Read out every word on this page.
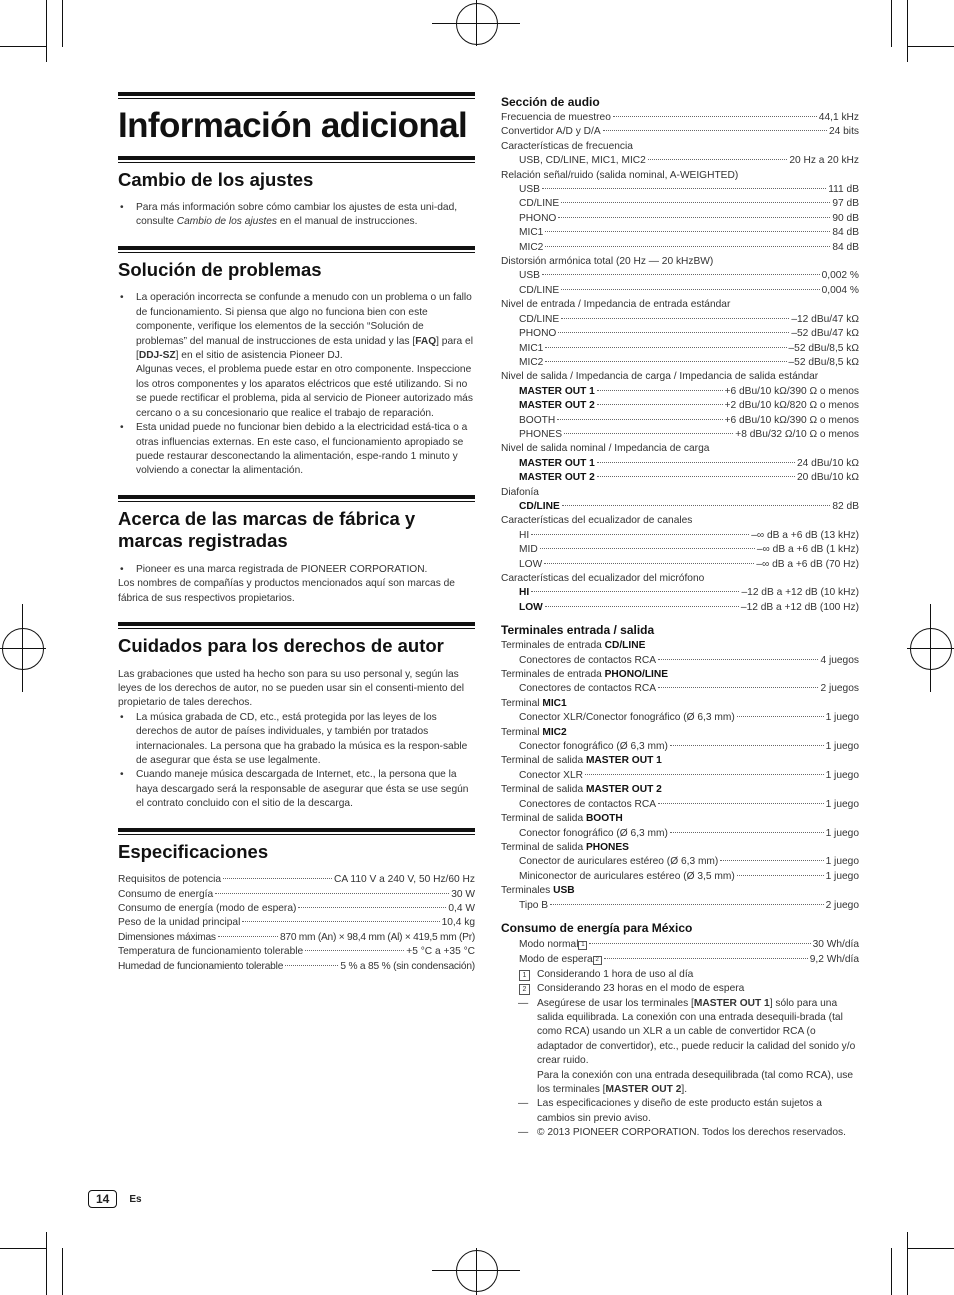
Información adicional
Cambio de los ajustes
• Para más información sobre cómo cambiar los ajustes de esta uni-dad, consulte Cambio de los ajustes en el manual de instrucciones.
Solución de problemas
• La operación incorrecta se confunde a menudo con un problema o un fallo de funcionamiento. Si piensa que algo no funciona bien con este componente, verifique los elementos de la sección “Solución de problemas” del manual de instrucciones de esta unidad y las [FAQ] para el [DDJ-SZ] en el sitio de asistencia Pioneer DJ.
Algunas veces, el problema puede estar en otro componente. Inspeccione los otros componentes y los aparatos eléctricos que esté utilizando. Si no se puede rectificar el problema, pida al servicio de Pioneer autorizado más cercano o a su concesionario que realice el trabajo de reparación.
• Esta unidad puede no funcionar bien debido a la electricidad está-tica o a otras influencias externas. En este caso, el funcionamiento apropiado se puede restaurar desconectando la alimentación, espe-rando 1 minuto y volviendo a conectar la alimentación.
Acerca de las marcas de fábrica y marcas registradas
• Pioneer es una marca registrada de PIONEER CORPORATION.
Los nombres de compañías y productos mencionados aquí son marcas de fábrica de sus respectivos propietarios.
Cuidados para los derechos de autor
Las grabaciones que usted ha hecho son para su uso personal y, según las leyes de los derechos de autor, no se pueden usar sin el consenti-miento del propietario de tales derechos.
• La música grabada de CD, etc., está protegida por las leyes de los derechos de autor de países individuales, y también por tratados internacionales. La persona que ha grabado la música es la respon-sable de asegurar que ésta se use legalmente.
• Cuando maneje música descargada de Internet, etc., la persona que la haya descargado será la responsable de asegurar que ésta se use según el contrato concluido con el sitio de la descarga.
Especificaciones
Requisitos de potencia	CA 110 V a 240 V, 50 Hz/60 Hz
Consumo de energía	30 W
Consumo de energía (modo de espera)	0,4 W
Peso de la unidad principal	10,4 kg
Dimensiones máximas	870 mm (An) × 98,4 mm (Al) × 419,5 mm (Pr)
Temperatura de funcionamiento tolerable	+5 °C a +35 °C
Humedad de funcionamiento tolerable	5 % a 85 % (sin condensación)
Sección de audio
Frecuencia de muestreo	44,1 kHz
Convertidor A/D y D/A	24 bits
Características de frecuencia
USB, CD/LINE, MIC1, MIC2	20 Hz a 20 kHz
Relación señal/ruido (salida nominal, A-WEIGHTED)
USB	111 dB
CD/LINE	97 dB
PHONO	90 dB
MIC1	84 dB
MIC2	84 dB
Distorsión armónica total (20 Hz — 20 kHzBW)
USB	0,002 %
CD/LINE	0,004 %
Nivel de entrada / Impedancia de entrada estándar
CD/LINE	–12 dBu/47 kΩ
PHONO	–52 dBu/47 kΩ
MIC1	–52 dBu/8,5 kΩ
MIC2	–52 dBu/8,5 kΩ
Nivel de salida / Impedancia de carga / Impedancia de salida estándar
MASTER OUT 1	+6 dBu/10 kΩ/390 Ω o menos
MASTER OUT 2	+2 dBu/10 kΩ/820 Ω o menos
BOOTH	+6 dBu/10 kΩ/390 Ω o menos
PHONES	+8 dBu/32 Ω/10 Ω o menos
Nivel de salida nominal / Impedancia de carga
MASTER OUT 1	24 dBu/10 kΩ
MASTER OUT 2	20 dBu/10 kΩ
Diafonía
CD/LINE	82 dB
Características del ecualizador de canales
HI	–∞ dB a +6 dB (13 kHz)
MID	–∞ dB a +6 dB (1 kHz)
LOW	–∞ dB a +6 dB (70 Hz)
Características del ecualizador del micrófono
HI	–12 dB a +12 dB (10 kHz)
LOW	–12 dB a +12 dB (100 Hz)
Terminales entrada / salida
Terminales de entrada CD/LINE
Conectores de contactos RCA	4 juegos
Terminales de entrada PHONO/LINE
Conectores de contactos RCA	2 juegos
Terminal MIC1
Conector XLR/Conector fonográfico (Ø 6,3 mm)	1 juego
Terminal MIC2
Conector fonográfico (Ø 6,3 mm)	1 juego
Terminal de salida MASTER OUT 1
Conector XLR	1 juego
Terminal de salida MASTER OUT 2
Conectores de contactos RCA	1 juego
Terminal de salida BOOTH
Conector fonográfico (Ø 6,3 mm)	1 juego
Terminal de salida PHONES
Conector de auriculares estéreo (Ø 6,3 mm)	1 juego
Miniconector de auriculares estéreo (Ø 3,5 mm)	1 juego
Terminales USB
Tipo B	2 juego
Consumo de energía para México
Modo normal 1	30 Wh/día
Modo de espera 2	9,2 Wh/día
1	Considerando 1 hora de uso al día
2	Considerando 23 horas en el modo de espera
— Asegúrese de usar los terminales [MASTER OUT 1] sólo para una salida equilibrada. La conexión con una entrada desequili-brada (tal como RCA) usando un XLR a un cable de convertidor RCA (o adaptador de convertidor), etc., puede reducir la calidad del sonido y/o crear ruido.
Para la conexión con una entrada desequilibrada (tal como RCA), use los terminales [MASTER OUT 2].
— Las especificaciones y diseño de este producto están sujetos a cambios sin previo aviso.
— © 2013 PIONEER CORPORATION. Todos los derechos reservados.
14	Es
